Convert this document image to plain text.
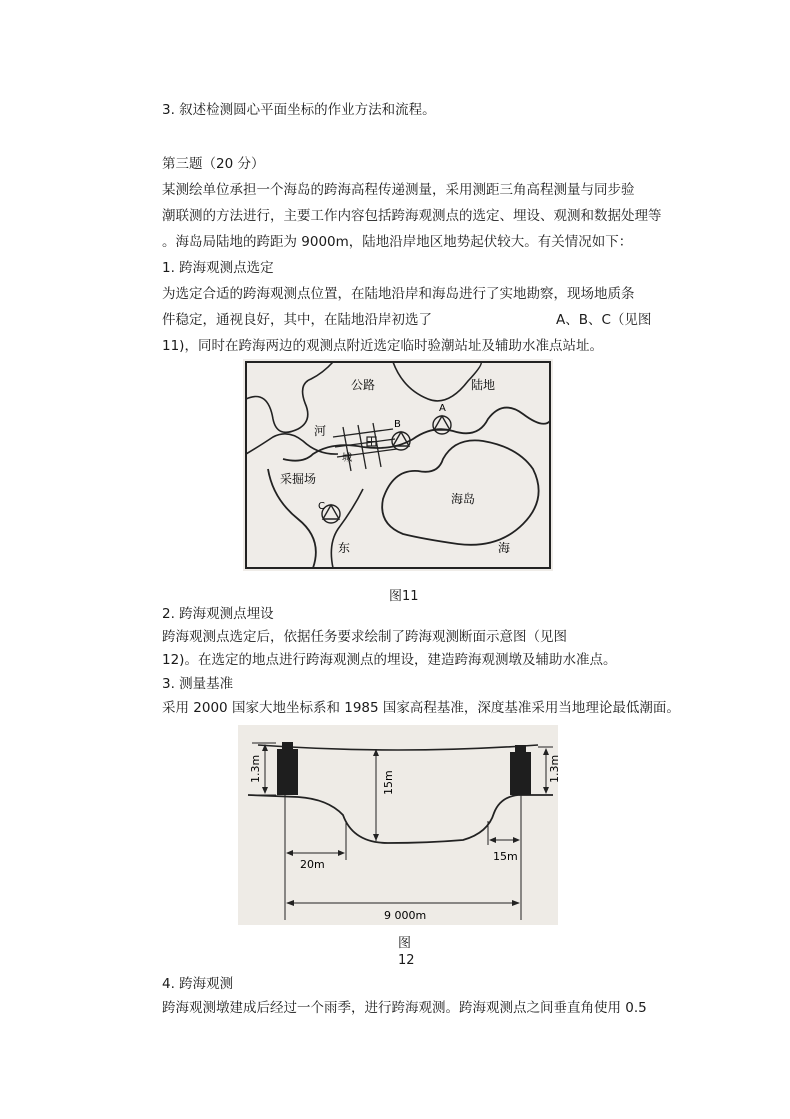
3. 叙述检测圆心平面坐标的作业方法和流程。
第三题（20 分）
某测绘单位承担一个海岛的跨海高程传递测量，采用测距三角高程测量与同步验
潮联测的方法进行，主要工作内容包括跨海观测点的选定、埋设、观测和数据处理等
。海岛局陆地的跨距为 9000m，陆地沿岸地区地势起伏较大。有关情况如下：
1. 跨海观测点选定
为选定合适的跨海观测点位置，在陆地沿岸和海岛进行了实地勘察，现场地质条
件稳定，通视良好，其中，在陆地沿岸初选了	A、B、C（见图
11)，同时在跨海两边的观测点附近选定临时验潮站址及辅助水准点站址。
公路	陆地
河
A
B
C
城
采掘场
海岛
东	海
图11
2. 跨海观测点埋设
跨海观测点选定后，依据任务要求绘制了跨海观测断面示意图（见图
12)。在选定的地点进行跨海观测点的埋设，建造跨海观测墩及辅助水准点。
3. 测量基准
采用 2000 国家大地坐标系和 1985 国家高程基准，深度基准采用当地理论最低潮面。
1.3m	1.3m
15m
20m
15m
9 000m
图
12
4. 跨海观测
跨海观测墩建成后经过一个雨季，进行跨海观测。跨海观测点之间垂直角使用 0.5
